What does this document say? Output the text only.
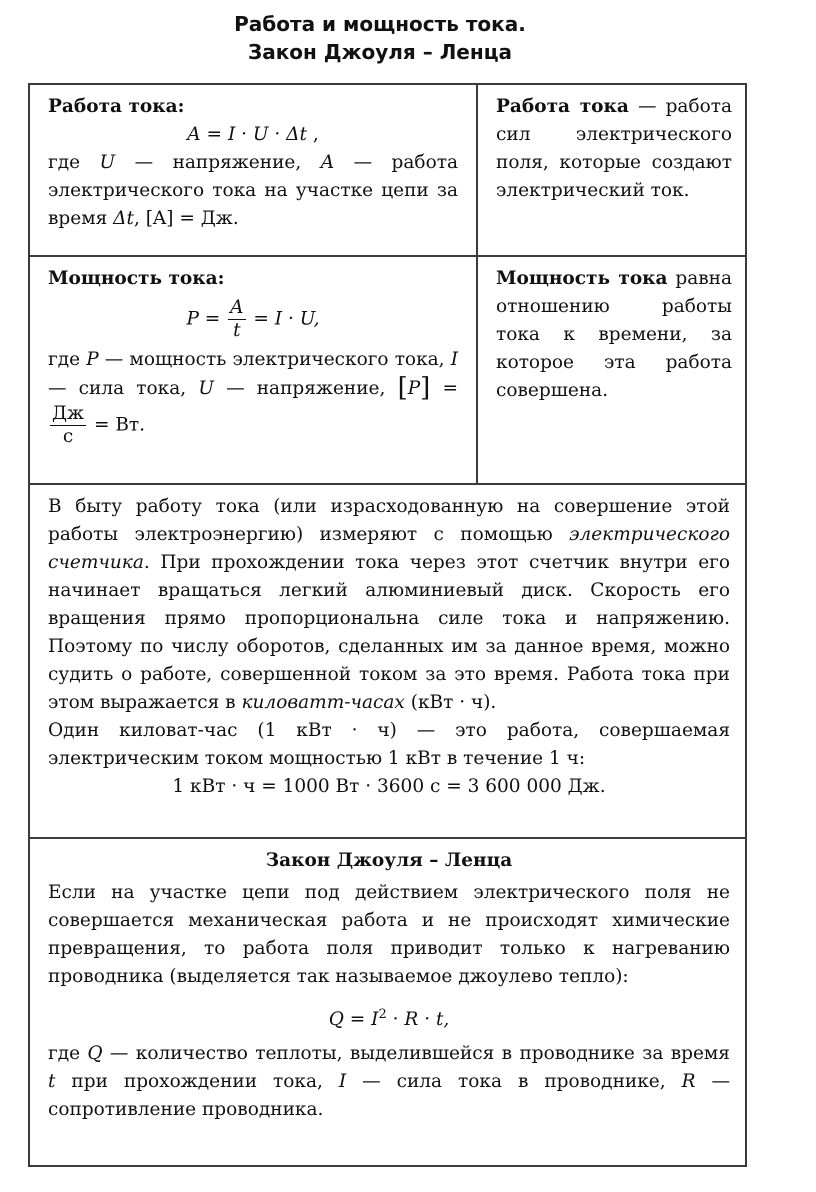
Работа и мощность тока.
Закон Джоуля – Ленца
Работа тока:
A = I · U · Δt ,
где U — напряжение, A — работа электрического тока на участке цепи за время Δt, [A] = Дж.
Работа тока — работа сил электрического поля, которые создают электрический ток.
Мощность тока:
$P = \frac{A}{t} = I \cdot U$,
где P — мощность электрического тока, I — сила тока, U — напряжение, [P] =
$\frac{Дж}{с}$ = Вт.
Мощность тока равна отношению работы тока к времени, за которое эта работа совершена.
В быту работу тока (или израсходованную на совершение этой работы электроэнергию) измеряют с помощью электрического счетчика. При прохождении тока через этот счетчик внутри его начинает вращаться легкий алюминиевый диск. Скорость его вращения прямо пропорциональна силе тока и напряжению. Поэтому по числу оборотов, сделанных им за данное время, можно судить о работе, совершенной током за это время. Работа тока при этом выражается в киловатт-часах (кВт · ч).
Один киловат-час (1 кВт · ч) — это работа, совершаемая электрическим током мощностью 1 кВт в течение 1 ч:
1 кВт · ч = 1000 Вт · 3600 с = 3 600 000 Дж.
Закон Джоуля – Ленца
Если на участке цепи под действием электрического поля не совершается механическая работа и не происходят химические превращения, то работа поля приводит только к нагреванию проводника (выделяется так называемое джоулево тепло):
$Q = I^2 \cdot R \cdot t$,
где Q — количество теплоты, выделившейся в проводнике за время t при прохождении тока, I — сила тока в проводнике, R — сопротивление проводника.
